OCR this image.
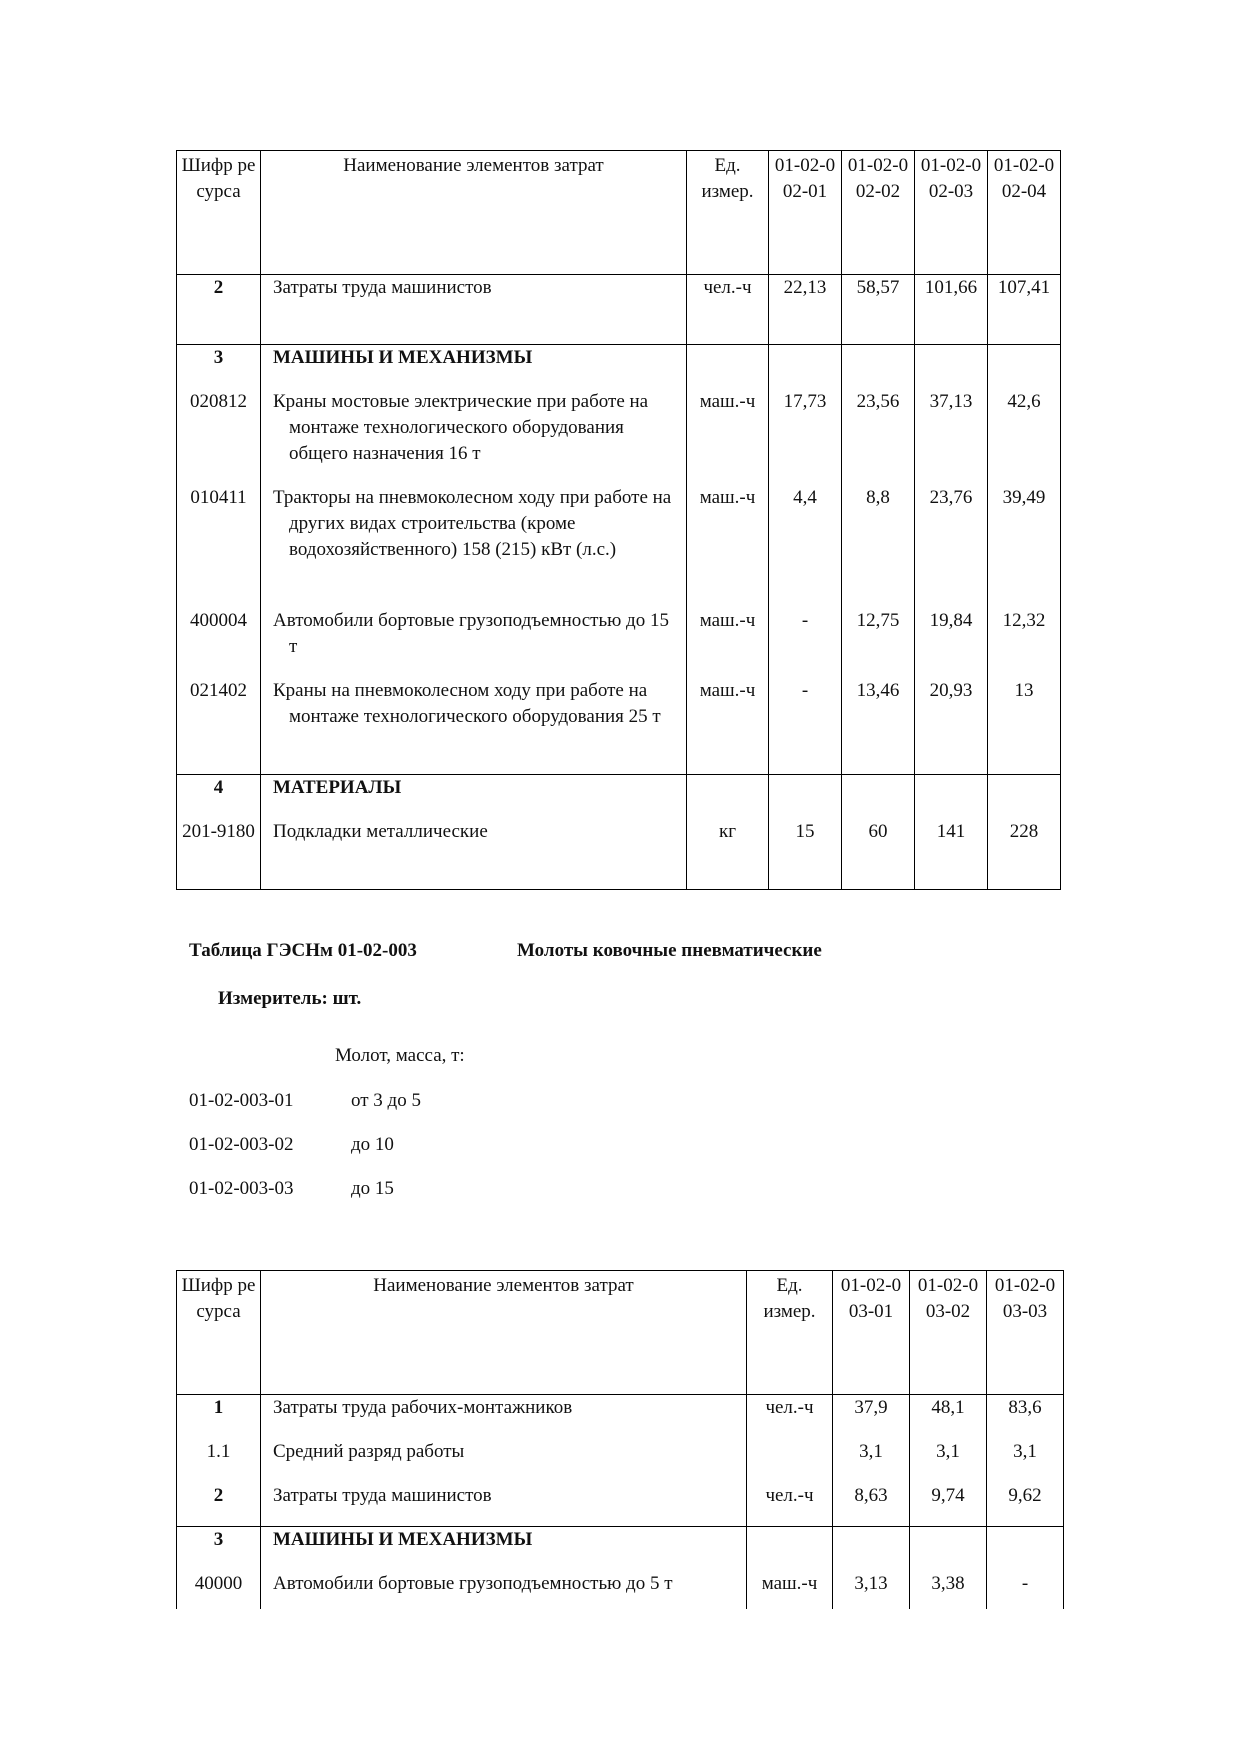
Шифр ресурса	Наименование элементов затрат	Ед. измер.	01-02-002-01	01-02-002-02	01-02-002-03	01-02-002-04
2	Затраты труда машинистов	чел.-ч	22,13	58,57	101,66	107,41
3	МАШИНЫ И МЕХАНИЗМЫ					
020812	Краны мостовые электрические при работе на монтаже технологического оборудования общего назначения 16 т	маш.-ч	17,73	23,56	37,13	42,6
010411	Тракторы на пневмоколесном ходу при работе на других видах строительства (кроме водохозяйственного) 158 (215) кВт (л.с.)	маш.-ч	4,4	8,8	23,76	39,49
400004	Автомобили бортовые грузоподъемностью до 15 т	маш.-ч	-	12,75	19,84	12,32
021402	Краны на пневмоколесном ходу при работе на монтаже технологического оборудования 25 т	маш.-ч	-	13,46	20,93	13
4	МАТЕРИАЛЫ					
201-9180	Подкладки металлические	кг	15	60	141	228
Таблица ГЭСНм 01-02-003	Молоты ковочные пневматические
Измеритель: шт.
Молот, масса, т:
01-02-003-01	от 3 до 5
01-02-003-02	до 10
01-02-003-03	до 15
Шифр ресурса	Наименование элементов затрат	Ед. измер.	01-02-003-01	01-02-003-02	01-02-003-03
1	Затраты труда рабочих-монтажников	чел.-ч	37,9	48,1	83,6
1.1	Средний разряд работы		3,1	3,1	3,1
2	Затраты труда машинистов	чел.-ч	8,63	9,74	9,62
3	МАШИНЫ И МЕХАНИЗМЫ				
40000	Автомобили бортовые грузоподъемностью до 5 т	маш.-ч	3,13	3,38	-
